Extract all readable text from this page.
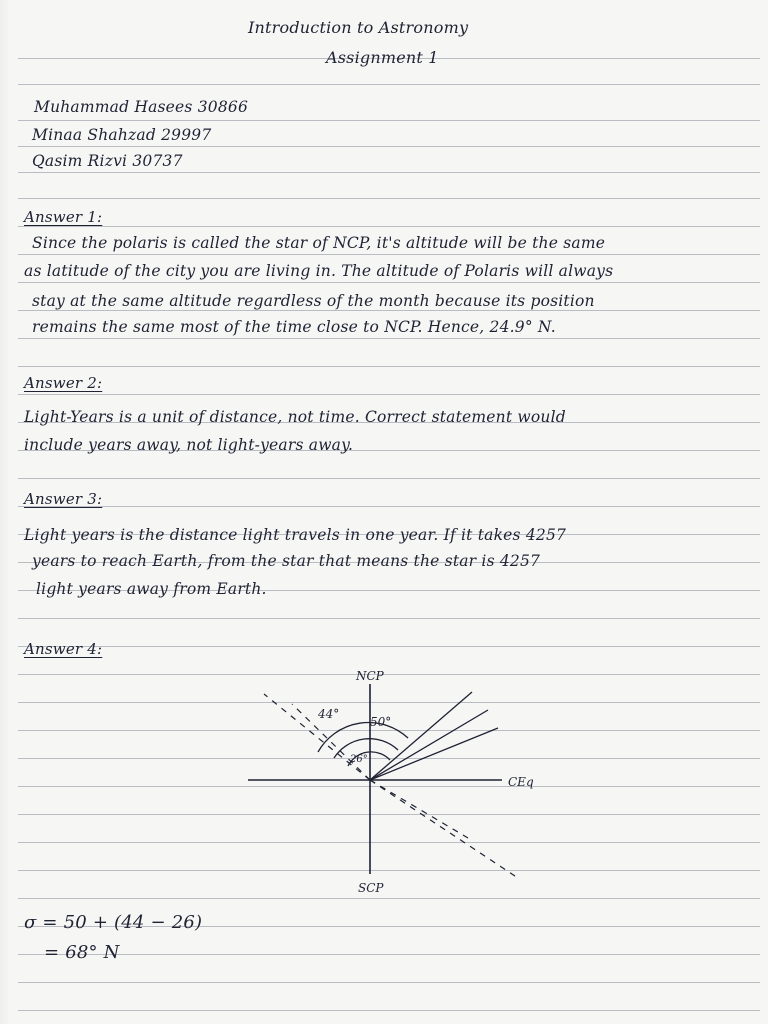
Introduction to Astronomy
Assignment 1
Muhammad Hasees 30866
Minaa Shahzad 29997
Qasim Rizvi 30737
Answer 1:
Since the polaris is called the star of NCP, it's altitude will be the same
as latitude of the city you are living in. The altitude of Polaris will always
stay at the same altitude regardless of the month because its position
remains the same most of the time close to NCP. Hence, 24.9° N.
Answer 2:
Light-Years is a unit of distance, not time. Correct statement would
include years away, not light-years away.
Answer 3:
Light years is the distance light travels in one year. If it takes 4257
years to reach Earth, from the star that means the star is 4257
light years away from Earth.
Answer 4:
NCP
SCP
CEq
44°
50°
26°
σ = 50 + (44 − 26)
= 68° N
